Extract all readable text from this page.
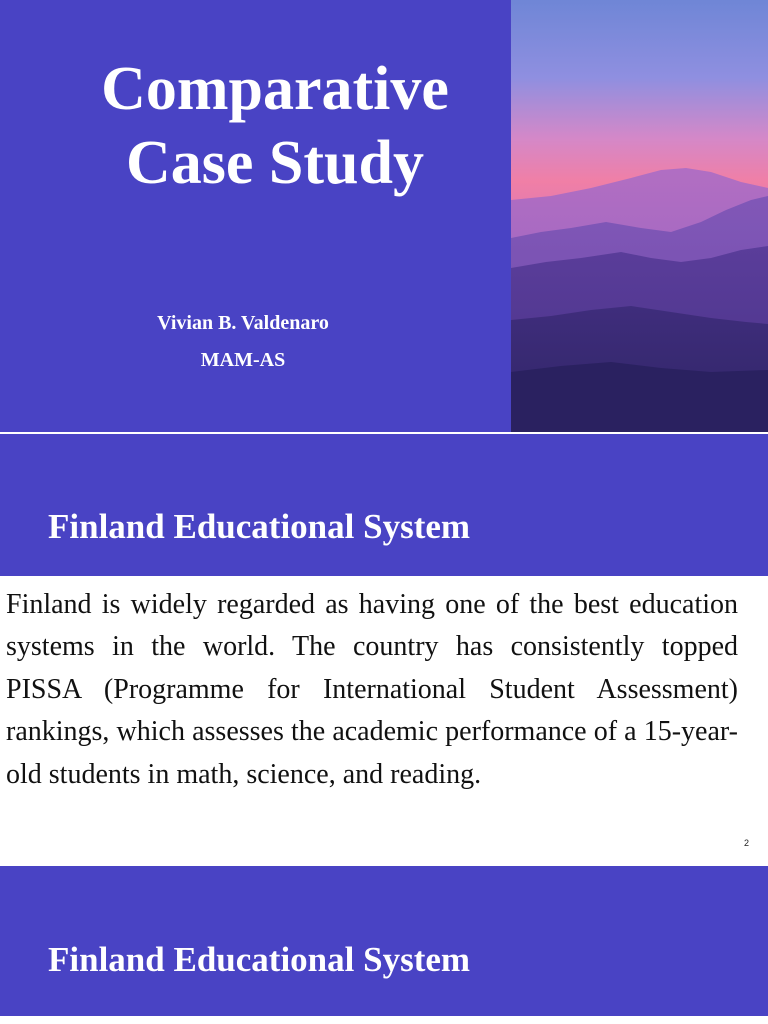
Comparative
Case Study
Vivian B. Valdenaro
MAM-AS
Finland Educational System
Finland is widely regarded as having one of the best education systems in the world. The country has consistently topped PISSA (Programme for International Student Assessment) rankings, which assesses the academic performance of a 15-year-old students in math, science, and reading.
2
Finland Educational System
